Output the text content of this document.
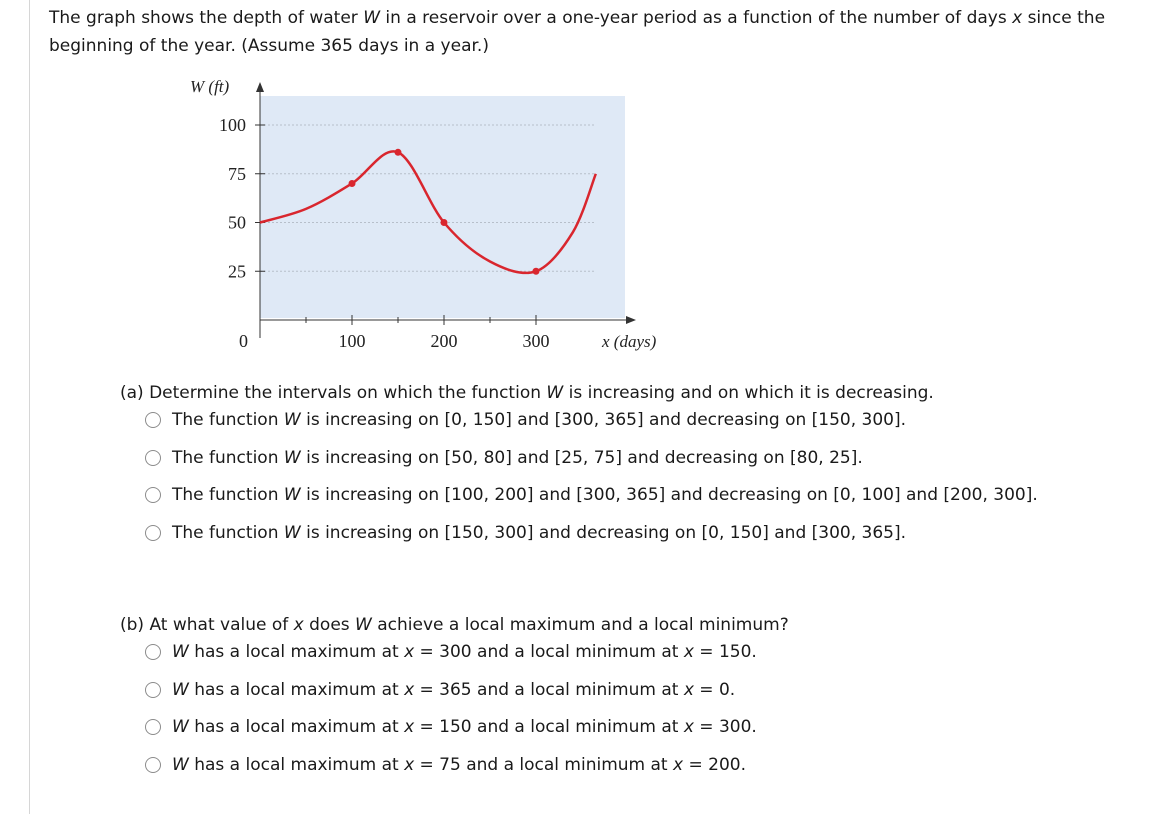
The graph shows the depth of water W in a reservoir over a one-year period as a function of the number of days x since the beginning of the year. (Assume 365 days in a year.)
W (ft)
x (days)
0	100	200	300
100
75
50
25
(a) Determine the intervals on which the function W is increasing and on which it is decreasing.
The function W is increasing on [0, 150] and [300, 365] and decreasing on [150, 300].
The function W is increasing on [50, 80] and [25, 75] and decreasing on [80, 25].
The function W is increasing on [100, 200] and [300, 365] and decreasing on [0, 100] and [200, 300].
The function W is increasing on [150, 300] and decreasing on [0, 150] and [300, 365].
(b) At what value of x does W achieve a local maximum and a local minimum?
W has a local maximum at x = 300 and a local minimum at x = 150.
W has a local maximum at x = 365 and a local minimum at x = 0.
W has a local maximum at x = 150 and a local minimum at x = 300.
W has a local maximum at x = 75 and a local minimum at x = 200.
